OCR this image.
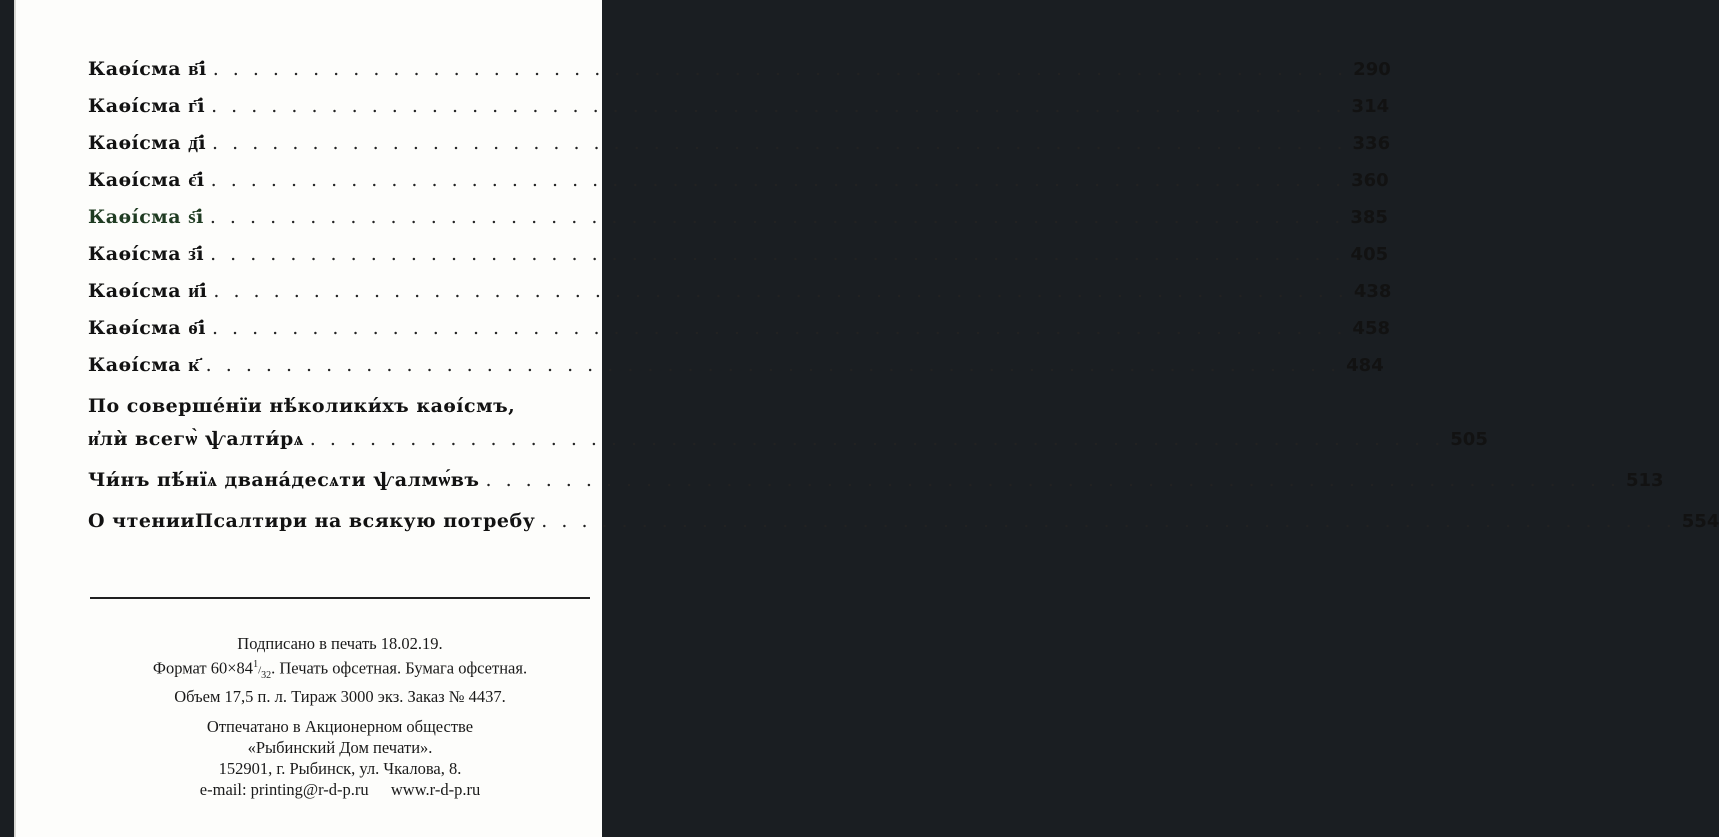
Каѳі́сма в҃і . . . . . . . . . . . . . . . . . . . . . . . . . . . . . . . . . . . . . . . . . . . . . . . . . . . . . . . . . 290
Каѳі́сма г҃і . . . . . . . . . . . . . . . . . . . . . . . . . . . . . . . . . . . . . . . . . . . . . . . . . . . . . . . . . 314
Каѳі́сма д҃і . . . . . . . . . . . . . . . . . . . . . . . . . . . . . . . . . . . . . . . . . . . . . . . . . . . . . . . . . 336
Каѳі́сма є҃і . . . . . . . . . . . . . . . . . . . . . . . . . . . . . . . . . . . . . . . . . . . . . . . . . . . . . . . . . 360
Каѳі́сма ѕ҃і . . . . . . . . . . . . . . . . . . . . . . . . . . . . . . . . . . . . . . . . . . . . . . . . . . . . . . . . . 385
Каѳі́сма з҃і . . . . . . . . . . . . . . . . . . . . . . . . . . . . . . . . . . . . . . . . . . . . . . . . . . . . . . . . . 405
Каѳі́сма и҃і . . . . . . . . . . . . . . . . . . . . . . . . . . . . . . . . . . . . . . . . . . . . . . . . . . . . . . . . . 438
Каѳі́сма ѳ҃і . . . . . . . . . . . . . . . . . . . . . . . . . . . . . . . . . . . . . . . . . . . . . . . . . . . . . . . . . 458
Каѳі́сма к҃ . . . . . . . . . . . . . . . . . . . . . . . . . . . . . . . . . . . . . . . . . . . . . . . . . . . . . . . . . 484
По соверше́нїи нѣ́колики́хъ каѳі́смъ,
и҆лѝ всегѡ̀ ѱалти́рѧ . . . . . . . . . . . . . . . . . . . . . . . . . . . . . . . . . . . . . . . . . . . . . . . . . . . . . . . . . 505
Чи́нъ пѣ́нїѧ двана́десѧти ѱалмѡ́въ . . . . . . . . . . . . . . . . . . . . . . . . . . . . . . . . . . . . . . . . . . . . . . . . . . . . . . . . . 513
О чтенииПсалтири на всякую потребу . . . . . . . . . . . . . . . . . . . . . . . . . . . . . . . . . . . . . . . . . . . . . . . . . . . . . . . . . 554
Подписано в печать 18.02.19.
Формат $60\times 84^1/_{32}$. Печать офсетная. Бумага офсетная.
Объем 17,5 п. л. Тираж 3000 экз. Заказ № 4437.
Отпечатано в Акционерном обществе
«Рыбинский Дом печати».
152901, г. Рыбинск, ул. Чкалова, 8.
e-mail: printing@r-d-p.ru www.r-d-p.ru
